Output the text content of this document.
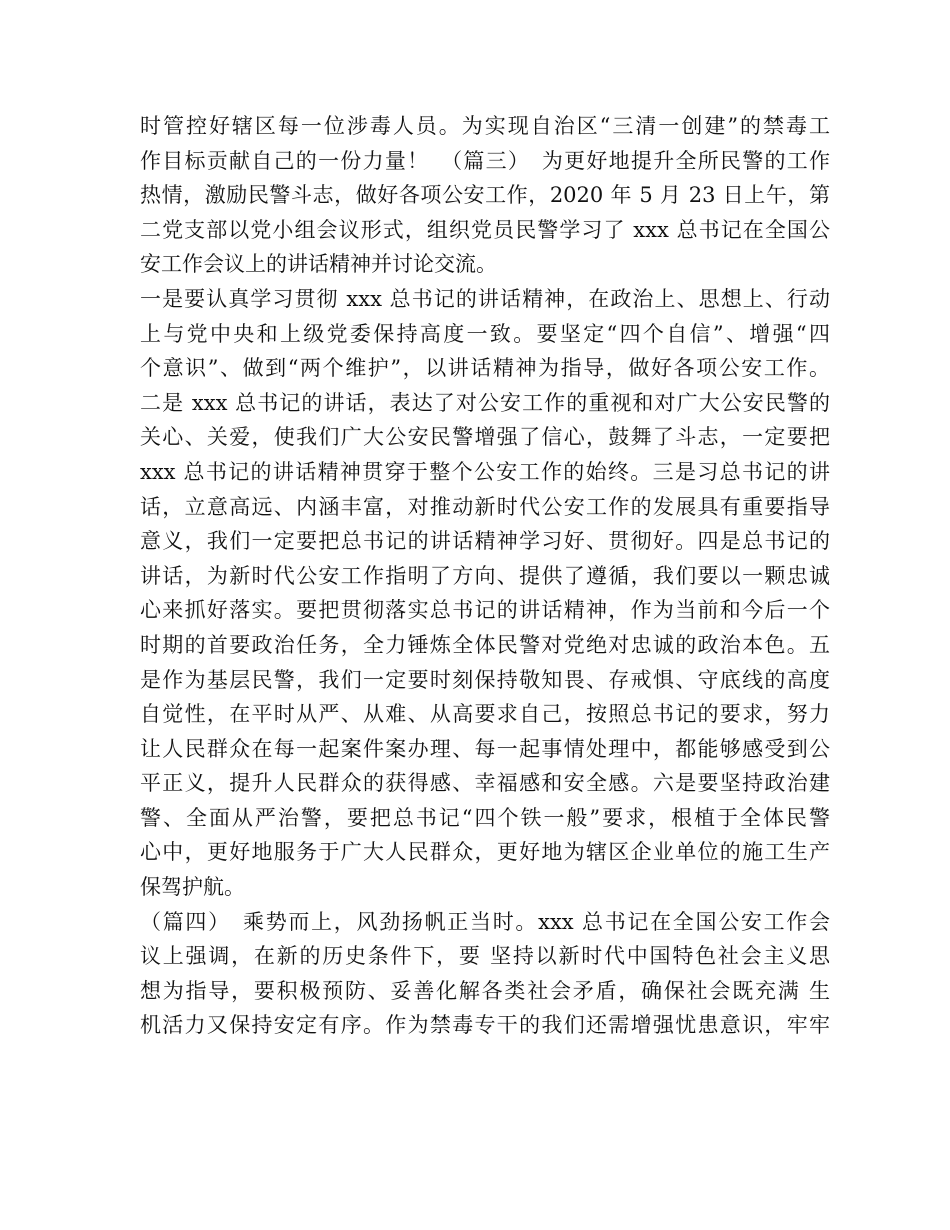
时管控好辖区每一位涉毒人员。为实现自治区“三清一创建”的禁毒工
作目标贡献自己的一份力量！　（篇三）　为更好地提升全所民警的工作
热情，激励民警斗志，做好各项公安工作，2020 年 5 月 23 日上午，第
二党支部以党小组会议形式，组织党员民警学习了 xxx 总书记在全国公
安工作会议上的讲话精神并讨论交流。
一是要认真学习贯彻 xxx 总书记的讲话精神，在政治上、思想上、行动
上与党中央和上级党委保持高度一致。要坚定“四个自信”、增强“四
个意识”、做到“两个维护”，以讲话精神为指导，做好各项公安工作。
二是 xxx 总书记的讲话，表达了对公安工作的重视和对广大公安民警的
关心、关爱，使我们广大公安民警增强了信心，鼓舞了斗志，一定要把
xxx 总书记的讲话精神贯穿于整个公安工作的始终。三是习总书记的讲
话，立意高远、内涵丰富，对推动新时代公安工作的发展具有重要指导
意义，我们一定要把总书记的讲话精神学习好、贯彻好。四是总书记的
讲话，为新时代公安工作指明了方向、提供了遵循，我们要以一颗忠诚
心来抓好落实。要把贯彻落实总书记的讲话精神，作为当前和今后一个
时期的首要政治任务，全力锤炼全体民警对党绝对忠诚的政治本色。五
是作为基层民警，我们一定要时刻保持敬知畏、存戒惧、守底线的高度
自觉性，在平时从严、从难、从高要求自己，按照总书记的要求，努力
让人民群众在每一起案件案办理、每一起事情处理中，都能够感受到公
平正义，提升人民群众的获得感、幸福感和安全感。六是要坚持政治建
警、全面从严治警，要把总书记“四个铁一般”要求，根植于全体民警
心中，更好地服务于广大人民群众，更好地为辖区企业单位的施工生产
保驾护航。
（篇四）　乘势而上，风劲扬帆正当时。xxx 总书记在全国公安工作会
议上强调，在新的历史条件下，要 坚持以新时代中国特色社会主义思
想为指导，要积极预防、妥善化解各类社会矛盾，确保社会既充满 生
机活力又保持安定有序。作为禁毒专干的我们还需增强忧患意识，牢牢
